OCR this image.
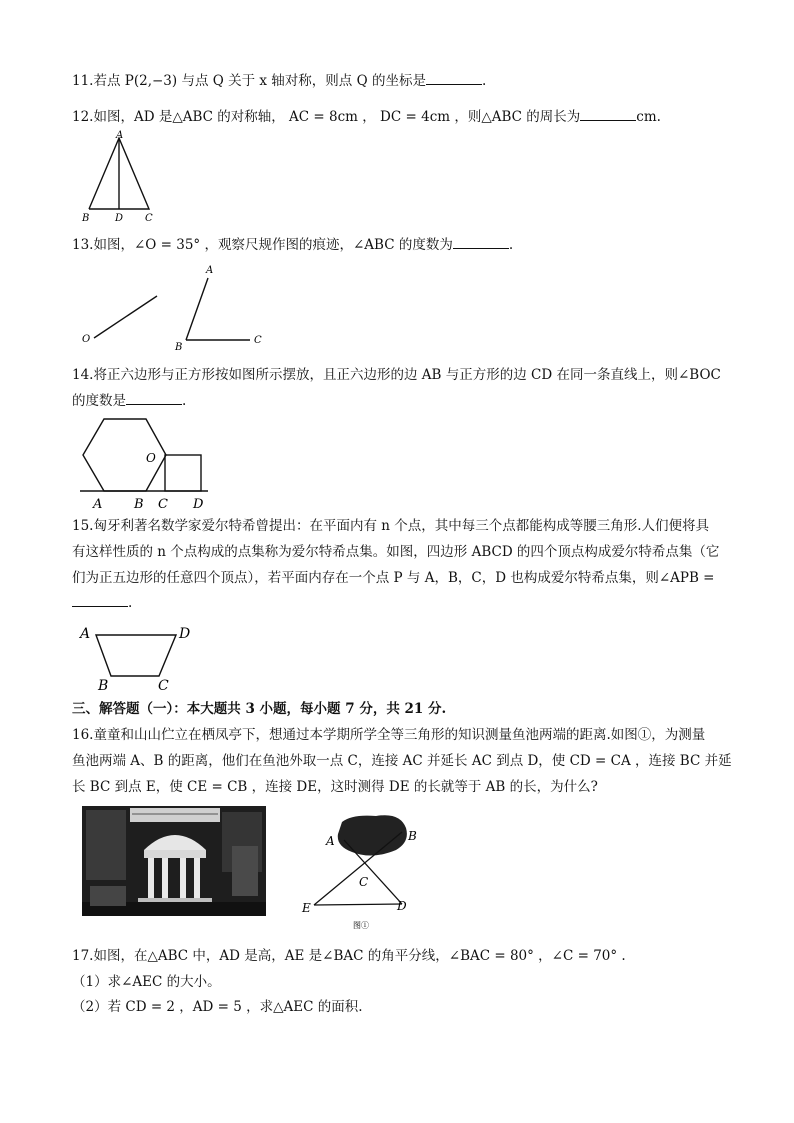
11.若点 P(2,−3) 与点 Q 关于 x 轴对称，则点 Q 的坐标是	.
12.如图，AD 是△ABC 的对称轴， AC = 8cm ， DC = 4cm ，则△ABC 的周长为	cm.
A
B	D C
13.如图，∠O = 35° ，观察尺规作图的痕迹，∠ABC 的度数为	.
O
A
B
C
14.将正六边形与正方形按如图所示摆放，且正六边形的边 AB 与正方形的边 CD 在同一条直线上，则∠BOC
的度数是	.
O
A B C D
15.匈牙利著名数学家爱尔特希曾提出：在平面内有 n 个点，其中每三个点都能构成等腰三角形.人们便将具
有这样性质的 n 个点构成的点集称为爱尔特希点集。如图，四边形 ABCD 的四个顶点构成爱尔特希点集（它
们为正五边形的任意四个顶点），若平面内存在一个点 P 与 A，B，C，D 也构成爱尔特希点集，则∠APB =
.
A	D
B	C
三、解答题（一）：本大题共 3 小题，每小题 7 分，共 21 分.
16.童童和山山伫立在栖凤亭下，想通过本学期所学全等三角形的知识测量鱼池两端的距离.如图①，为测量
鱼池两端 A、B 的距离，他们在鱼池外取一点 C，连接 AC 并延长 AC 到点 D，使 CD = CA ，连接 BC 并延
长 BC 到点 E，使 CE = CB ，连接 DE，这时测得 DE 的长就等于 AB 的长，为什么?
A	B
C
E	D
图①
17.如图，在△ABC 中，AD 是高，AE 是∠BAC 的角平分线，∠BAC = 80° ，∠C = 70° .
（1）求∠AEC 的大小。
（2）若 CD = 2 ，AD = 5 ，求△AEC 的面积.
